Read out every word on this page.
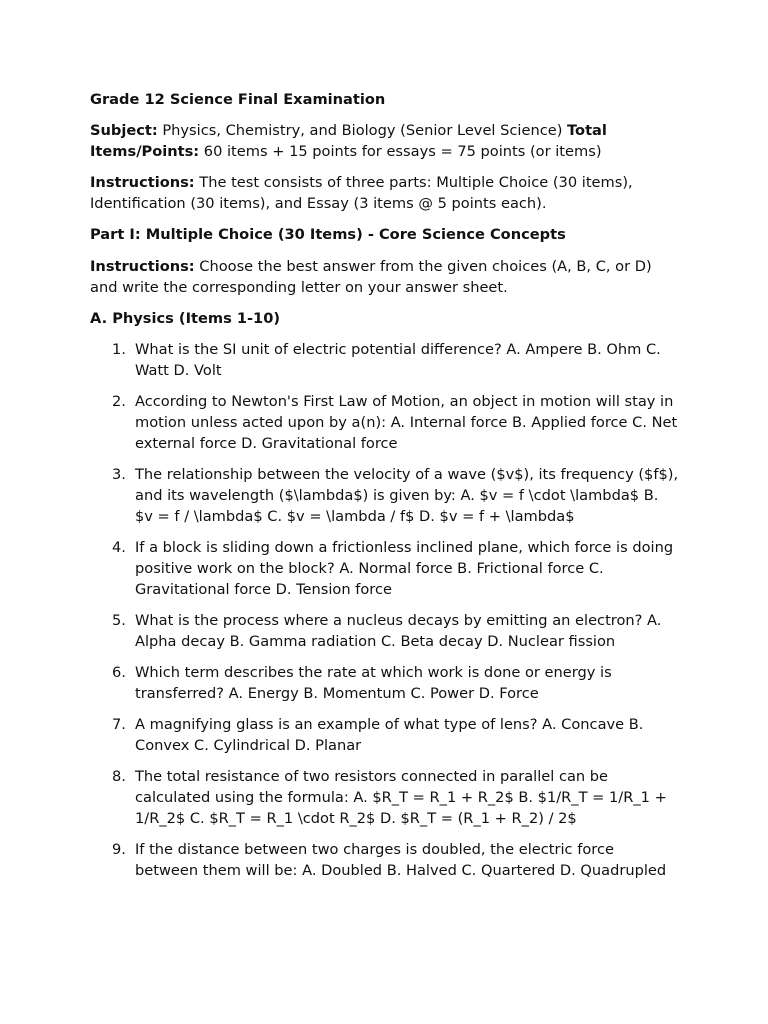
Grade 12 Science Final Examination

Subject: Physics, Chemistry, and Biology (Senior Level Science) Total Items/Points: 60 items + 15 points for essays = 75 points (or items)

Instructions: The test consists of three parts: Multiple Choice (30 items), Identification (30 items), and Essay (3 items @ 5 points each).

Part I: Multiple Choice (30 Items) - Core Science Concepts

Instructions: Choose the best answer from the given choices (A, B, C, or D) and write the corresponding letter on your answer sheet.

A. Physics (Items 1-10)

1. What is the SI unit of electric potential difference? A. Ampere B. Ohm C. Watt D. Volt
2. According to Newton's First Law of Motion, an object in motion will stay in motion unless acted upon by a(n): A. Internal force B. Applied force C. Net external force D. Gravitational force
3. The relationship between the velocity of a wave ($v$), its frequency ($f$), and its wavelength ($\lambda$) is given by: A. $v = f \cdot \lambda$ B. $v = f / \lambda$ C. $v = \lambda / f$ D. $v = f + \lambda$
4. If a block is sliding down a frictionless inclined plane, which force is doing positive work on the block? A. Normal force B. Frictional force C. Gravitational force D. Tension force
5. What is the process where a nucleus decays by emitting an electron? A. Alpha decay B. Gamma radiation C. Beta decay D. Nuclear fission
6. Which term describes the rate at which work is done or energy is transferred? A. Energy B. Momentum C. Power D. Force
7. A magnifying glass is an example of what type of lens? A. Concave B. Convex C. Cylindrical D. Planar
8. The total resistance of two resistors connected in parallel can be calculated using the formula: A. $R_T = R_1 + R_2$ B. $1/R_T = 1/R_1 + 1/R_2$ C. $R_T = R_1 \cdot R_2$ D. $R_T = (R_1 + R_2) / 2$
9. If the distance between two charges is doubled, the electric force between them will be: A. Doubled B. Halved C. Quartered D. Quadrupled
